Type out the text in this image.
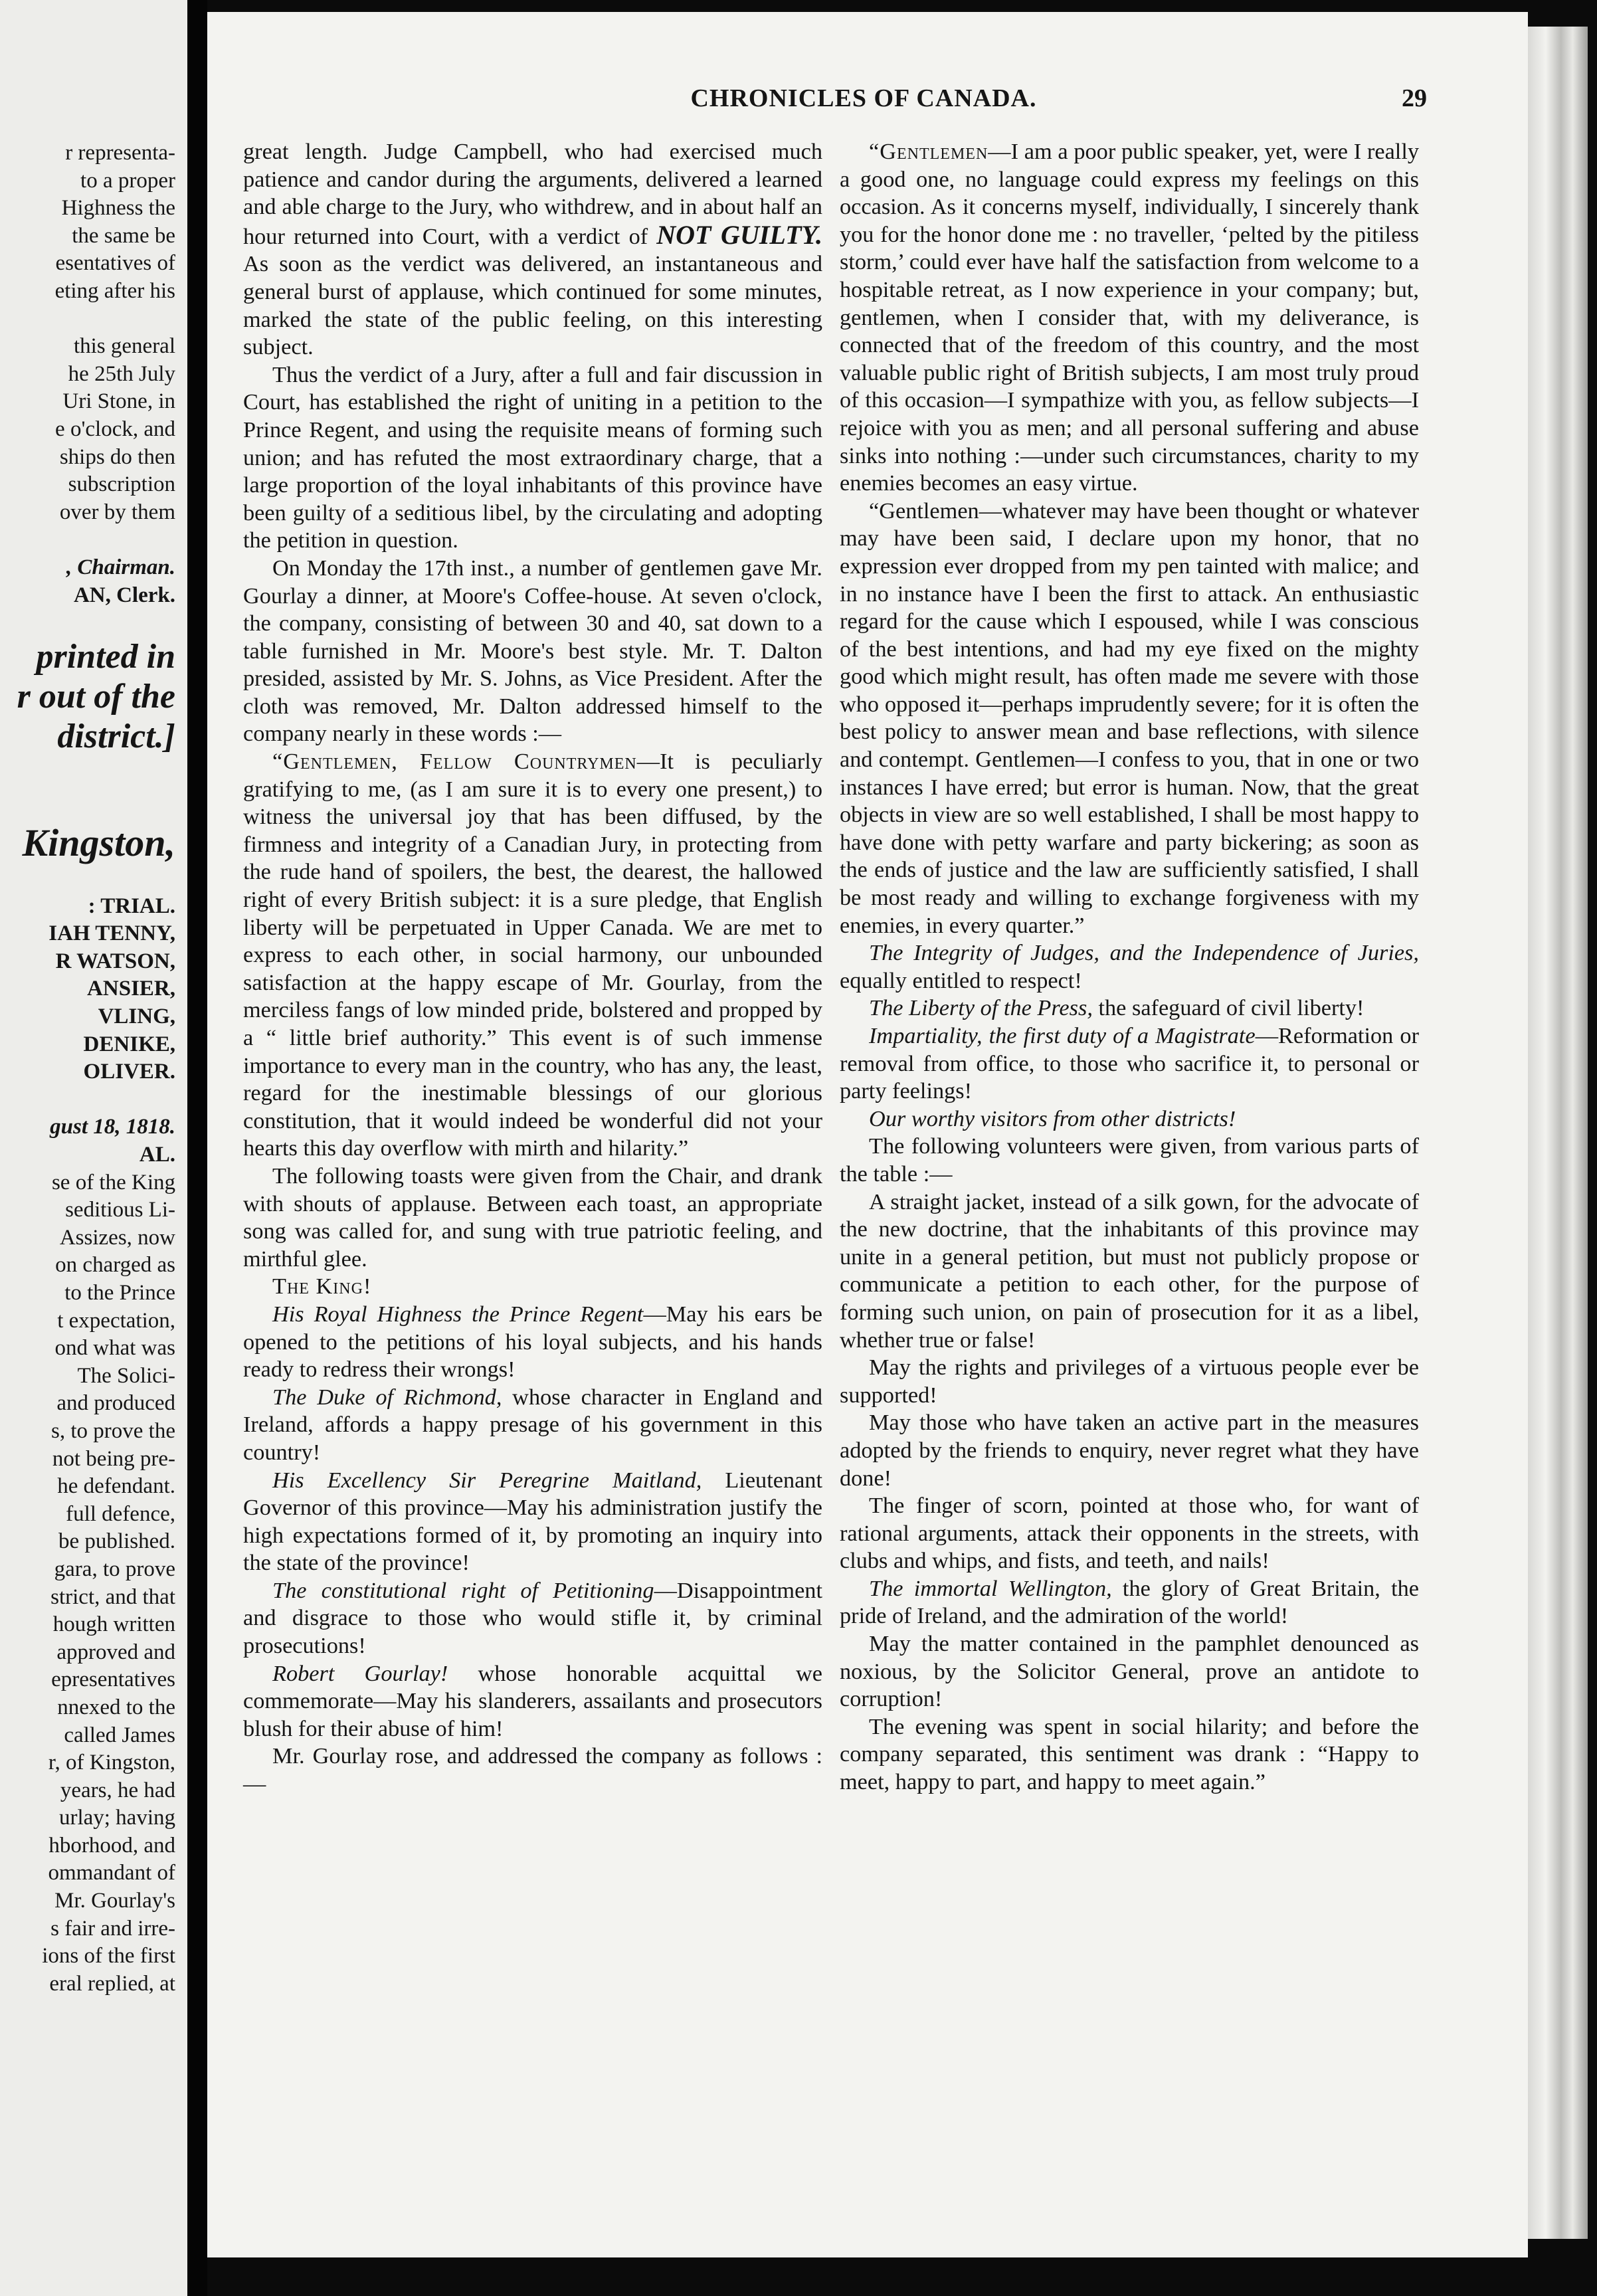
r representa-
to a proper
Highness the
the same be
esentatives of
eting after his
this general
he 25th July
Uri Stone, in
e o'clock, and
ships do then
subscription
over by them
, Chairman.
AN, Clerk.
printed in
r out of the
district.]
Kingston,
: TRIAL.
IAH TENNY,
R WATSON,
ANSIER,
VLING,
DENIKE,
OLIVER.
gust 18, 1818.
AL.
se of the King
seditious Li-
Assizes, now
on charged as
to the Prince
t expectation,
ond what was
The Solici-
and produced
s, to prove the
not being pre-
he defendant.
full defence,
be published.
gara, to prove
strict, and that
hough written
approved and
epresentatives
nnexed to the
called James
r, of Kingston,
years, he had
urlay; having
hborhood, and
ommandant of
Mr. Gourlay's
s fair and irre-
ions of the first
eral replied, at
CHRONICLES OF CANADA.	29

great length. Judge Campbell, who had exercised much patience and candor during the arguments, delivered a learned and able charge to the Jury, who withdrew, and in about half an hour returned into Court, with a verdict of NOT GUILTY. As soon as the verdict was delivered, an instantaneous and general burst of applause, which continued for some minutes, marked the state of the public feeling, on this interesting subject.

Thus the verdict of a Jury, after a full and fair discussion in Court, has established the right of uniting in a petition to the Prince Regent, and using the requisite means of forming such union; and has refuted the most extraordinary charge, that a large proportion of the loyal inhabitants of this province have been guilty of a seditious libel, by the circulating and adopting the petition in question.

On Monday the 17th inst., a number of gentlemen gave Mr. Gourlay a dinner, at Moore's Coffee-house. At seven o'clock, the company, consisting of between 30 and 40, sat down to a table furnished in Mr. Moore's best style. Mr. T. Dalton presided, assisted by Mr. S. Johns, as Vice President. After the cloth was removed, Mr. Dalton addressed himself to the company nearly in these words :—

“Gentlemen, Fellow Countrymen—It is peculiarly gratifying to me, (as I am sure it is to every one present,) to witness the universal joy that has been diffused, by the firmness and integrity of a Canadian Jury, in protecting from the rude hand of spoilers, the best, the dearest, the hallowed right of every British subject: it is a sure pledge, that English liberty will be perpetuated in Upper Canada. We are met to express to each other, in social harmony, our unbounded satisfaction at the happy escape of Mr. Gourlay, from the merciless fangs of low minded pride, bolstered and propped by a “ little brief authority.” This event is of such immense importance to every man in the country, who has any, the least, regard for the inestimable blessings of our glorious constitution, that it would indeed be wonderful did not your hearts this day overflow with mirth and hilarity.”

The following toasts were given from the Chair, and drank with shouts of applause. Between each toast, an appropriate song was called for, and sung with true patriotic feeling, and mirthful glee.

The King!

His Royal Highness the Prince Regent—May his ears be opened to the petitions of his loyal subjects, and his hands ready to redress their wrongs!

The Duke of Richmond, whose character in England and Ireland, affords a happy presage of his government in this country!

His Excellency Sir Peregrine Maitland, Lieutenant Governor of this province—May his administration justify the high expectations formed of it, by promoting an inquiry into the state of the province!

The constitutional right of Petitioning—Disappointment and disgrace to those who would stifle it, by criminal prosecutions!

Robert Gourlay! whose honorable acquittal we commemorate—May his slanderers, assailants and prosecutors blush for their abuse of him!

Mr. Gourlay rose, and addressed the company as follows :—

“Gentlemen—I am a poor public speaker, yet, were I really a good one, no language could express my feelings on this occasion. As it concerns myself, individually, I sincerely thank you for the honor done me : no traveller, ‘pelted by the pitiless storm,’ could ever have half the satisfaction from welcome to a hospitable retreat, as I now experience in your company; but, gentlemen, when I consider that, with my deliverance, is connected that of the freedom of this country, and the most valuable public right of British subjects, I am most truly proud of this occasion—I sympathize with you, as fellow subjects—I rejoice with you as men; and all personal suffering and abuse sinks into nothing :—under such circumstances, charity to my enemies becomes an easy virtue.

“Gentlemen—whatever may have been thought or whatever may have been said, I declare upon my honor, that no expression ever dropped from my pen tainted with malice; and in no instance have I been the first to attack. An enthusiastic regard for the cause which I espoused, while I was conscious of the best intentions, and had my eye fixed on the mighty good which might result, has often made me severe with those who opposed it—perhaps imprudently severe; for it is often the best policy to answer mean and base reflections, with silence and contempt. Gentlemen—I confess to you, that in one or two instances I have erred; but error is human. Now, that the great objects in view are so well established, I shall be most happy to have done with petty warfare and party bickering; as soon as the ends of justice and the law are sufficiently satisfied, I shall be most ready and willing to exchange forgiveness with my enemies, in every quarter.”

The Integrity of Judges, and the Independence of Juries, equally entitled to respect!

The Liberty of the Press, the safeguard of civil liberty!

Impartiality, the first duty of a Magistrate—Reformation or removal from office, to those who sacrifice it, to personal or party feelings!

Our worthy visitors from other districts!

The following volunteers were given, from various parts of the table :—

A straight jacket, instead of a silk gown, for the advocate of the new doctrine, that the inhabitants of this province may unite in a general petition, but must not publicly propose or communicate a petition to each other, for the purpose of forming such union, on pain of prosecution for it as a libel, whether true or false!

May the rights and privileges of a virtuous people ever be supported!

May those who have taken an active part in the measures adopted by the friends to enquiry, never regret what they have done!

The finger of scorn, pointed at those who, for want of rational arguments, attack their opponents in the streets, with clubs and whips, and fists, and teeth, and nails!

The immortal Wellington, the glory of Great Britain, the pride of Ireland, and the admiration of the world!

May the matter contained in the pamphlet denounced as noxious, by the Solicitor General, prove an antidote to corruption!

The evening was spent in social hilarity; and before the company separated, this sentiment was drank : “Happy to meet, happy to part, and happy to meet again.”
